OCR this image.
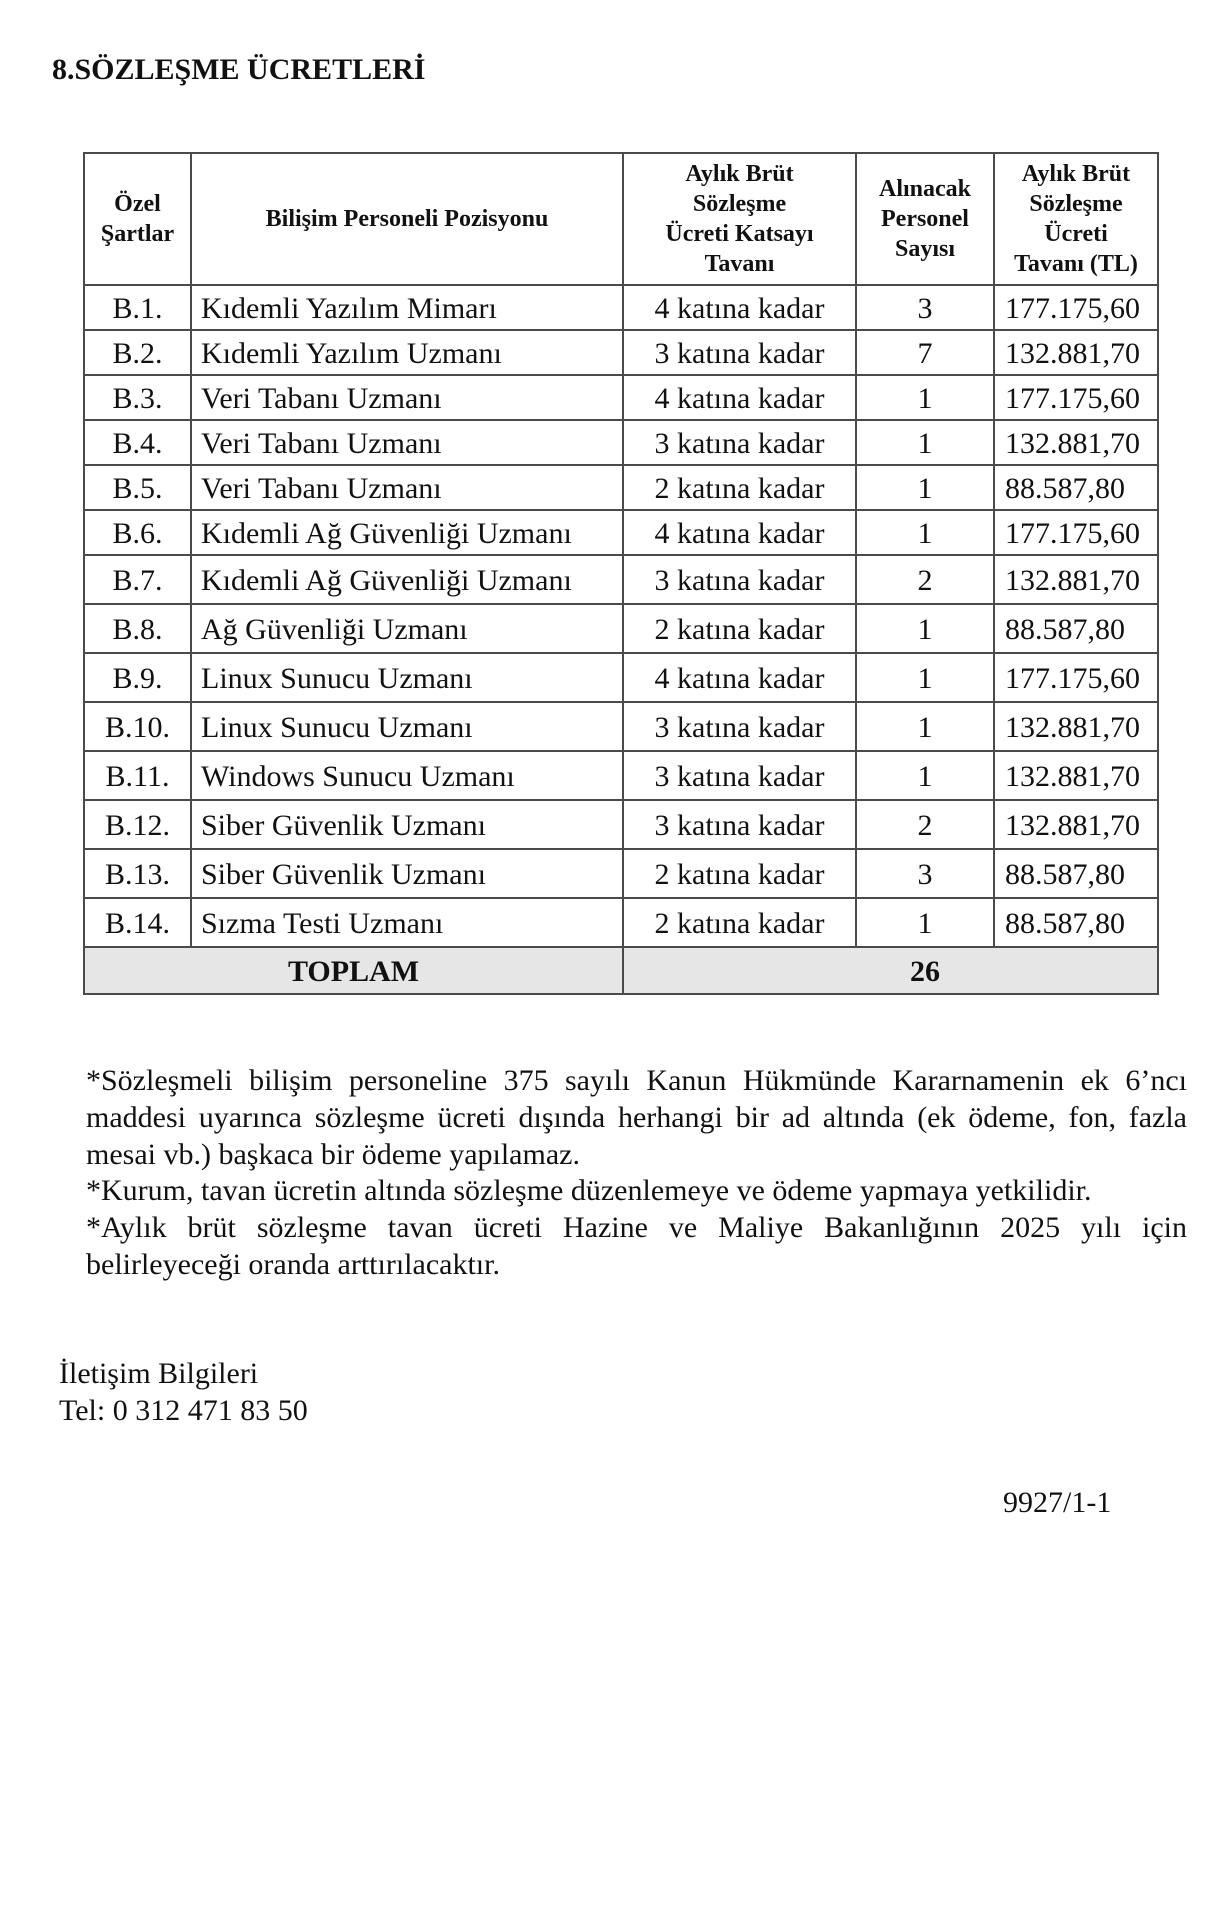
8.SÖZLEŞME ÜCRETLERİ
Özel
Şartlar	Bilişim Personeli Pozisyonu	Aylık Brüt
Sözleşme
Ücreti Katsayı
Tavanı	Alınacak
Personel
Sayısı	Aylık Brüt
Sözleşme
Ücreti
Tavanı (TL)

B.1.	Kıdemli Yazılım Mimarı	4 katına kadar	3	177.175,60
B.2.	Kıdemli Yazılım Uzmanı	3 katına kadar	7	132.881,70
B.3.	Veri Tabanı Uzmanı	4 katına kadar	1	177.175,60
B.4.	Veri Tabanı Uzmanı	3 katına kadar	1	132.881,70
B.5.	Veri Tabanı Uzmanı	2 katına kadar	1	88.587,80
B.6.	Kıdemli Ağ Güvenliği Uzmanı	4 katına kadar	1	177.175,60
B.7.	Kıdemli Ağ Güvenliği Uzmanı	3 katına kadar	2	132.881,70
B.8.	Ağ Güvenliği Uzmanı	2 katına kadar	1	88.587,80
B.9.	Linux Sunucu Uzmanı	4 katına kadar	1	177.175,60
B.10.	Linux Sunucu Uzmanı	3 katına kadar	1	132.881,70
B.11.	Windows Sunucu Uzmanı	3 katına kadar	1	132.881,70
B.12.	Siber Güvenlik Uzmanı	3 katına kadar	2	132.881,70
B.13.	Siber Güvenlik Uzmanı	2 katına kadar	3	88.587,80
B.14.	Sızma Testi Uzmanı	2 katına kadar	1	88.587,80
TOPLAM			26	

*Sözleşmeli bilişim personeline 375 sayılı Kanun Hükmünde Kararnamenin ek 6’ncı maddesi uyarınca sözleşme ücreti dışında herhangi bir ad altında (ek ödeme, fon, fazla mesai vb.) başkaca bir ödeme yapılamaz.

*Kurum, tavan ücretin altında sözleşme düzenlemeye ve ödeme yapmaya yetkilidir.

*Aylık brüt sözleşme tavan ücreti Hazine ve Maliye Bakanlığının 2025 yılı için belirleyeceği oranda arttırılacaktır.

İletişim Bilgileri
Tel: 0 312 471 83 50
9927/1-1
